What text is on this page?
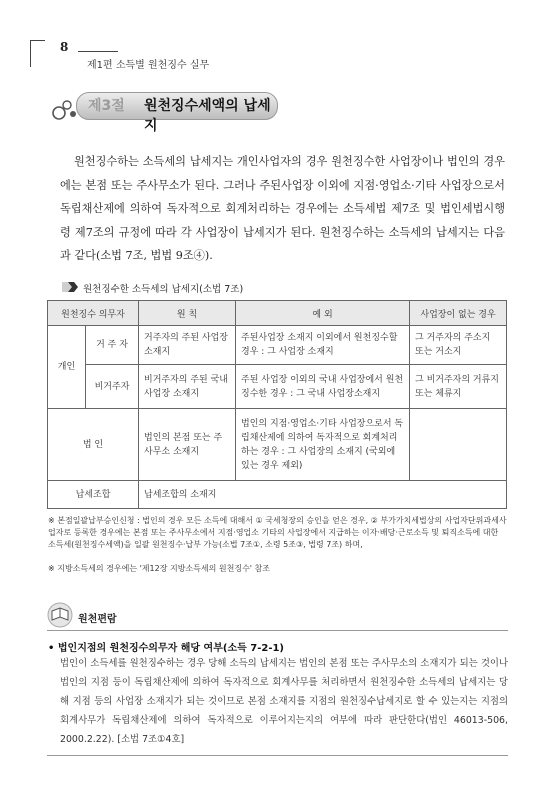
8
제1편 소득별 원천징수 실무
제3절 원천징수세액의 납세지
원천징수하는 소득세의 납세지는 개인사업자의 경우 원천징수한 사업장이나 법인의 경우에는 본점 또는 주사무소가 된다. 그러나 주된사업장 이외에 지점·영업소·기타 사업장으로서 독립채산제에 의하여 독자적으로 회계처리하는 경우에는 소득세법 제7조 및 법인세법시행령 제7조의 규정에 따라 각 사업장이 납세지가 된다. 원천징수하는 소득세의 납세지는 다음과 같다(소법 7조, 법법 9조④).
원천징수한 소득세의 납세지(소법 7조)
원천징수 의무자		원 칙	예 외	사업장이 없는 경우
개인	거 주 자	거주자의 주된 사업장 소재지	주된사업장 소재지 이외에서 원천징수할 경우 : 그 사업장 소재지	그 거주자의 주소지 또는 거소지
	비거주자	비거주자의 주된 국내 사업장 소재지	주된 사업장 이외의 국내 사업장에서 원천징수한 경우 : 그 국내 사업장소재지	그 비거주자의 거류지 또는 체류지
법 인		법인의 본점 또는 주사무소 소재지	법인의 지점·영업소·기타 사업장으로서 독립채산제에 의하여 독자적으로 회계처리하는 경우 : 그 사업장의 소재지 (국외에 있는 경우 제외)	
납세조합		납세조합의 소재지		
※ 본점일괄납부승인신청 : 법인의 경우 모든 소득에 대해서 ① 국세청장의 승인을 얻은 경우, ② 부가가치세법상의 사업자단위과세사업자로 등록한 경우에는 본점 또는 주사무소에서 지점·영업소 기타의 사업장에서 지급하는 이자·배당·근로소득 및 퇴직소득에 대한 소득세(원천징수세액)을 일괄 원천징수·납부 가능(소법 7조①, 소령 5조③, 법령 7조) 하며,
※ 지방소득세의 경우에는 '제12장 지방소득세의 원천징수' 참조
원천편람
• 법인지점의 원천징수의무자 해당 여부(소득 7-2-1)
법인이 소득세를 원천징수하는 경우 당해 소득의 납세지는 법인의 본점 또는 주사무소의 소재지가 되는 것이나 법인의 지점 등이 독립채산제에 의하여 독자적으로 회계사무를 처리하면서 원천징수한 소득세의 납세지는 당해 지점 등의 사업장 소재지가 되는 것이므로 본점 소재지를 지점의 원천징수납세지로 할 수 있는지는 지점의 회계사무가 독립채산제에 의하여 독자적으로 이루어지는지의 여부에 따라 판단한다(법인 46013-506, 2000.2.22). [소법 7조①4호]
